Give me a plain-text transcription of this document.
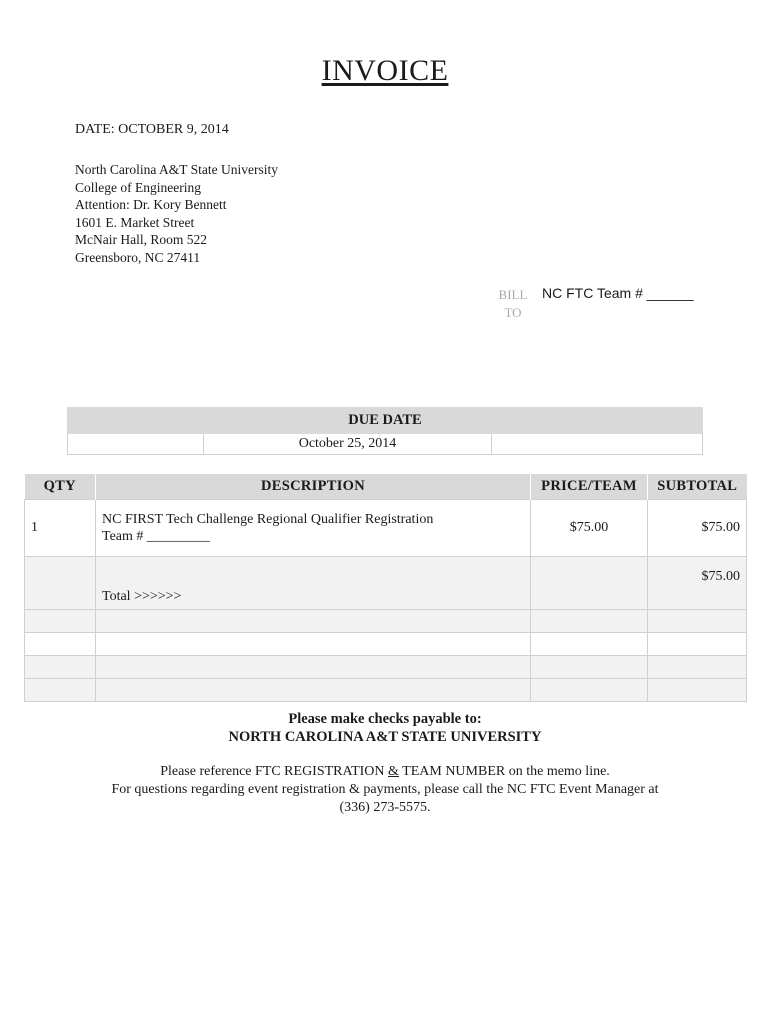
INVOICE
DATE: OCTOBER 9, 2014
North Carolina A&T State University
College of Engineering
Attention: Dr. Kory Bennett
1601 E. Market Street
McNair Hall, Room 522
Greensboro, NC 27411
BILL
TO
NC FTC Team # ______
DUE DATE
	October 25, 2014	
QTY	DESCRIPTION	PRICE/TEAM	SUBTOTAL
1	NC FIRST Tech Challenge Regional Qualifier Registration
Team # _________	$75.00	$75.00
	Total >>>>>>		$75.00

Please make checks payable to:
NORTH CAROLINA A&T STATE UNIVERSITY
Please reference FTC REGISTRATION & TEAM NUMBER on the memo line.
For questions regarding event registration & payments, please call the NC FTC Event Manager at (336) 273-5575.
